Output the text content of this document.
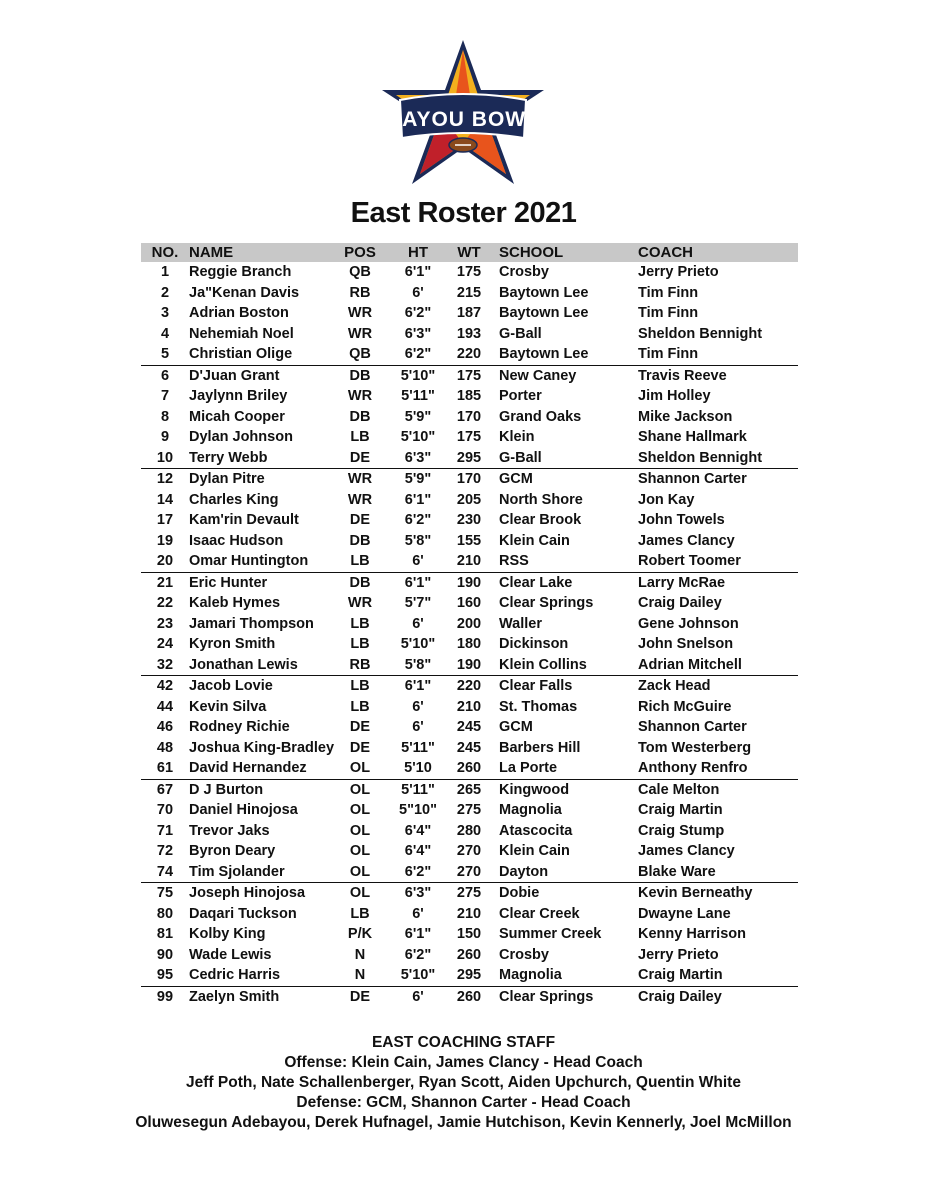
BAYOU BOWL
East Roster 2021
NO.	NAME	POS	HT	WT	SCHOOL	COACH
1	Reggie Branch	QB	6'1"	175	Crosby	Jerry Prieto
2	Ja"Kenan Davis	RB	6'	215	Baytown Lee	Tim Finn
3	Adrian Boston	WR	6'2"	187	Baytown Lee	Tim Finn
4	Nehemiah Noel	WR	6'3"	193	G-Ball	Sheldon Bennight
5	Christian Olige	QB	6'2"	220	Baytown Lee	Tim Finn
6	D'Juan Grant	DB	5'10"	175	New Caney	Travis Reeve
7	Jaylynn Briley	WR	5'11"	185	Porter	Jim Holley
8	Micah Cooper	DB	5'9"	170	Grand Oaks	Mike Jackson
9	Dylan Johnson	LB	5'10"	175	Klein	Shane Hallmark
10	Terry Webb	DE	6'3"	295	G-Ball	Sheldon Bennight
12	Dylan Pitre	WR	5'9"	170	GCM	Shannon Carter
14	Charles King	WR	6'1"	205	North Shore	Jon Kay
17	Kam'rin Devault	DE	6'2"	230	Clear Brook	John Towels
19	Isaac Hudson	DB	5'8"	155	Klein Cain	James Clancy
20	Omar Huntington	LB	6'	210	RSS	Robert Toomer
21	Eric Hunter	DB	6'1"	190	Clear Lake	Larry McRae
22	Kaleb Hymes	WR	5'7"	160	Clear Springs	Craig Dailey
23	Jamari Thompson	LB	6'	200	Waller	Gene Johnson
24	Kyron Smith	LB	5'10"	180	Dickinson	John Snelson
32	Jonathan Lewis	RB	5'8"	190	Klein Collins	Adrian Mitchell
42	Jacob Lovie	LB	6'1"	220	Clear Falls	Zack Head
44	Kevin Silva	LB	6'	210	St. Thomas	Rich McGuire
46	Rodney Richie	DE	6'	245	GCM	Shannon Carter
48	Joshua King-Bradley	DE	5'11"	245	Barbers Hill	Tom Westerberg
61	David Hernandez	OL	5'10	260	La Porte	Anthony Renfro
67	D J Burton	OL	5'11"	265	Kingwood	Cale Melton
70	Daniel Hinojosa	OL	5"10"	275	Magnolia	Craig Martin
71	Trevor Jaks	OL	6'4"	280	Atascocita	Craig Stump
72	Byron Deary	OL	6'4"	270	Klein Cain	James Clancy
74	Tim Sjolander	OL	6'2"	270	Dayton	Blake Ware
75	Joseph Hinojosa	OL	6'3"	275	Dobie	Kevin Berneathy
80	Daqari Tuckson	LB	6'	210	Clear Creek	Dwayne Lane
81	Kolby King	P/K	6'1"	150	Summer Creek	Kenny Harrison
90	Wade Lewis	N	6'2"	260	Crosby	Jerry Prieto
95	Cedric Harris	N	5'10"	295	Magnolia	Craig Martin
99	Zaelyn Smith	DE	6'	260	Clear Springs	Craig Dailey
EAST COACHING STAFF
Offense: Klein Cain, James Clancy - Head Coach
Jeff Poth, Nate Schallenberger, Ryan Scott, Aiden Upchurch, Quentin White
Defense: GCM, Shannon Carter - Head Coach
Oluwesegun Adebayou, Derek Hufnagel, Jamie Hutchison, Kevin Kennerly, Joel McMillon
